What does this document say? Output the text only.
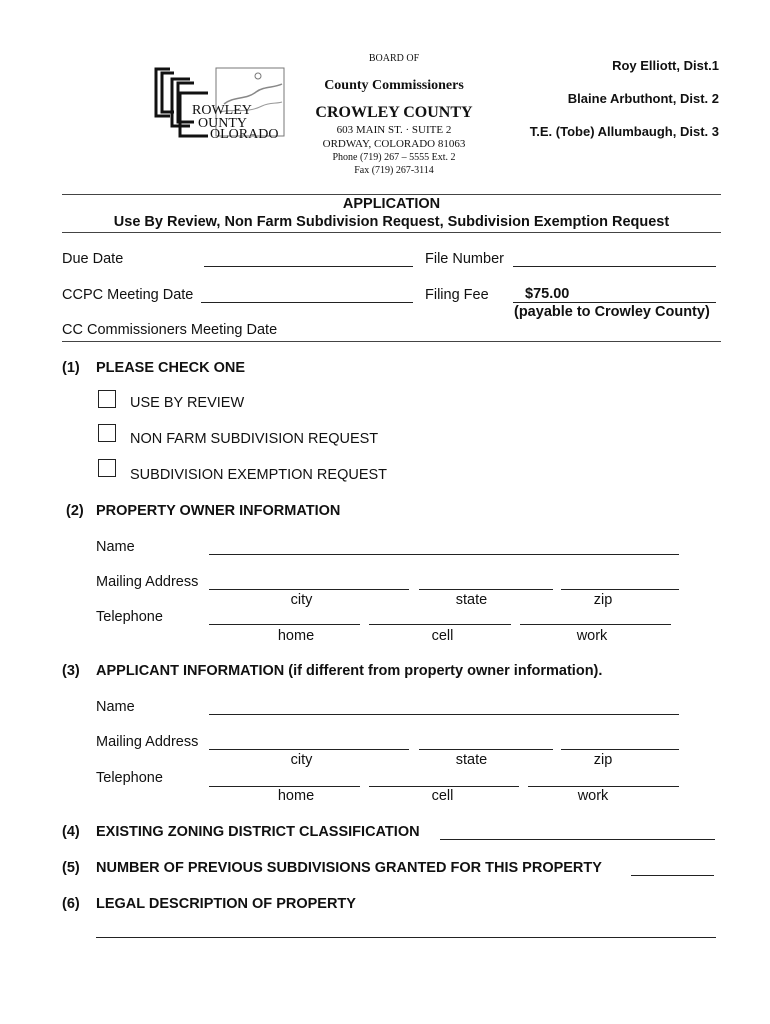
ROWLEY
OUNTY
OLORADO
BOARD OF
County Commissioners
CROWLEY COUNTY
603 MAIN ST. · SUITE 2
ORDWAY, COLORADO 81063
Phone (719) 267 – 5555 Ext. 2
Fax (719) 267-3114
Roy Elliott, Dist.1
Blaine Arbuthont, Dist. 2
T.E. (Tobe) Allumbaugh, Dist. 3
APPLICATION
Use By Review, Non Farm Subdivision Request, Subdivision Exemption Request
Due Date	File Number
CCPC Meeting Date	Filing Fee	$75.00
(payable to Crowley County)
CC Commissioners Meeting Date
(1) PLEASE CHECK ONE
USE BY REVIEW
NON FARM SUBDIVISION REQUEST
SUBDIVISION EXEMPTION REQUEST
(2) PROPERTY OWNER INFORMATION
Name
Mailing Address
city	state	zip
Telephone
home	cell	work
(3) APPLICANT INFORMATION (if different from property owner information).
Name
Mailing Address
city	state	zip
Telephone
home	cell	work
(4) EXISTING ZONING DISTRICT CLASSIFICATION
(5) NUMBER OF PREVIOUS SUBDIVISIONS GRANTED FOR THIS PROPERTY
(6) LEGAL DESCRIPTION OF PROPERTY
